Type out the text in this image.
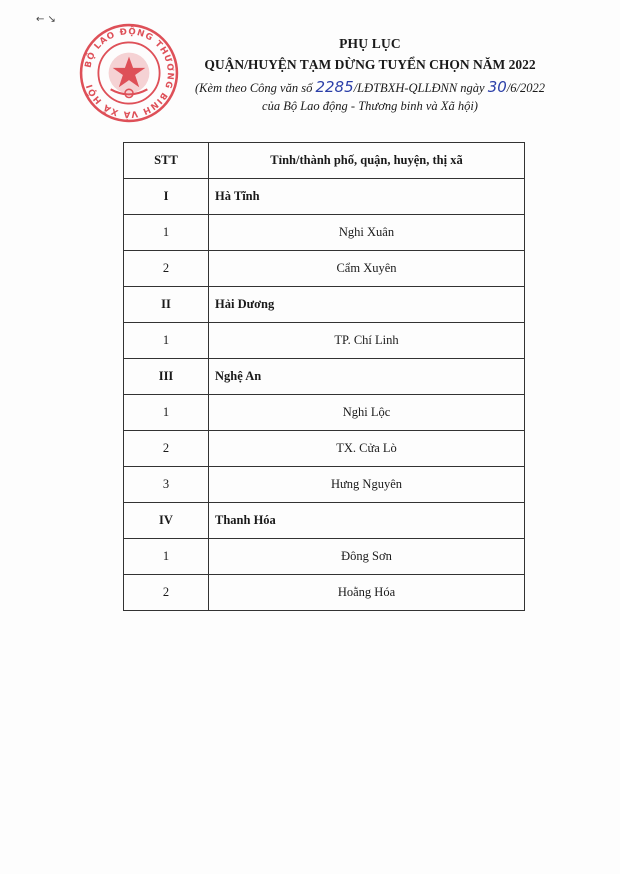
← ↘
BỘ LAO ĐỘNG THƯƠNG BINH VÀ XÃ HỘI
PHỤ LỤC
QUẬN/HUYỆN TẠM DỪNG TUYỂN CHỌN NĂM 2022
(Kèm theo Công văn số 2285/LĐTBXH-QLLĐNN ngày 30/6/2022
của Bộ Lao động - Thương binh và Xã hội)
STT	Tỉnh/thành phố, quận, huyện, thị xã
I	Hà Tĩnh
1	Nghi Xuân
2	Cẩm Xuyên
II	Hải Dương
1	TP. Chí Linh
III	Nghệ An
1	Nghi Lộc
2	TX. Cửa Lò
3	Hưng Nguyên
IV	Thanh Hóa
1	Đông Sơn
2	Hoằng Hóa
